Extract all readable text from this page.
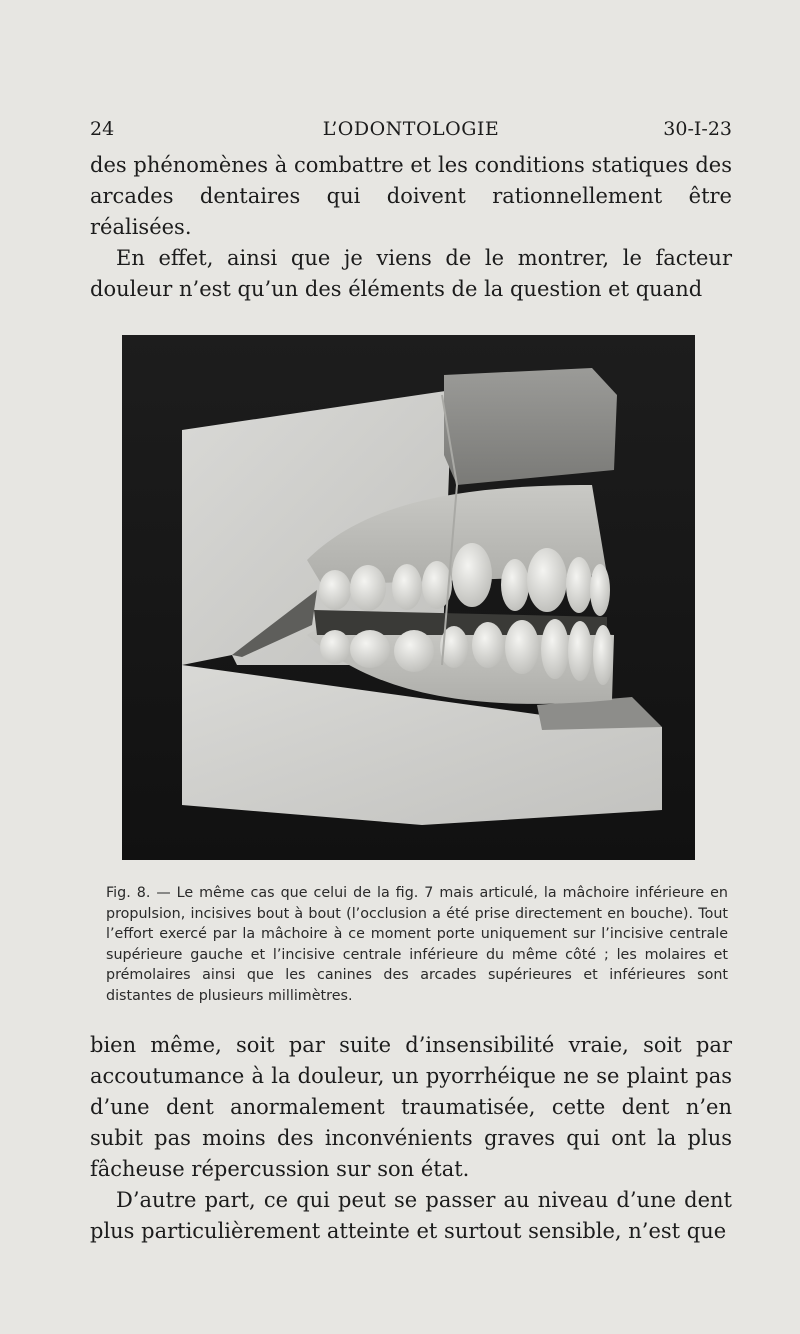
24	L’ODONTOLOGIE	30-I-23

des phénomènes à combattre et les conditions statiques des arcades dentaires qui doivent rationnellement être réalisées.

En effet, ainsi que je viens de le montrer, le facteur douleur n’est qu’un des éléments de la question et quand

Fig. 8. — Le même cas que celui de la fig. 7 mais articulé, la mâchoire inférieure en propulsion, incisives bout à bout (l’occlusion a été prise directement en bouche). Tout l’effort exercé par la mâchoire à ce moment porte uniquement sur l’incisive centrale supérieure gauche et l’incisive centrale inférieure du même côté ; les molaires et prémolaires ainsi que les canines des arcades supérieures et inférieures sont distantes de plusieurs millimètres.

bien même, soit par suite d’insensibilité vraie, soit par accoutumance à la douleur, un pyorrhéique ne se plaint pas d’une dent anormalement traumatisée, cette dent n’en subit pas moins des inconvénients graves qui ont la plus fâcheuse répercussion sur son état.

D’autre part, ce qui peut se passer au niveau d’une dent plus particulièrement atteinte et surtout sensible, n’est que
